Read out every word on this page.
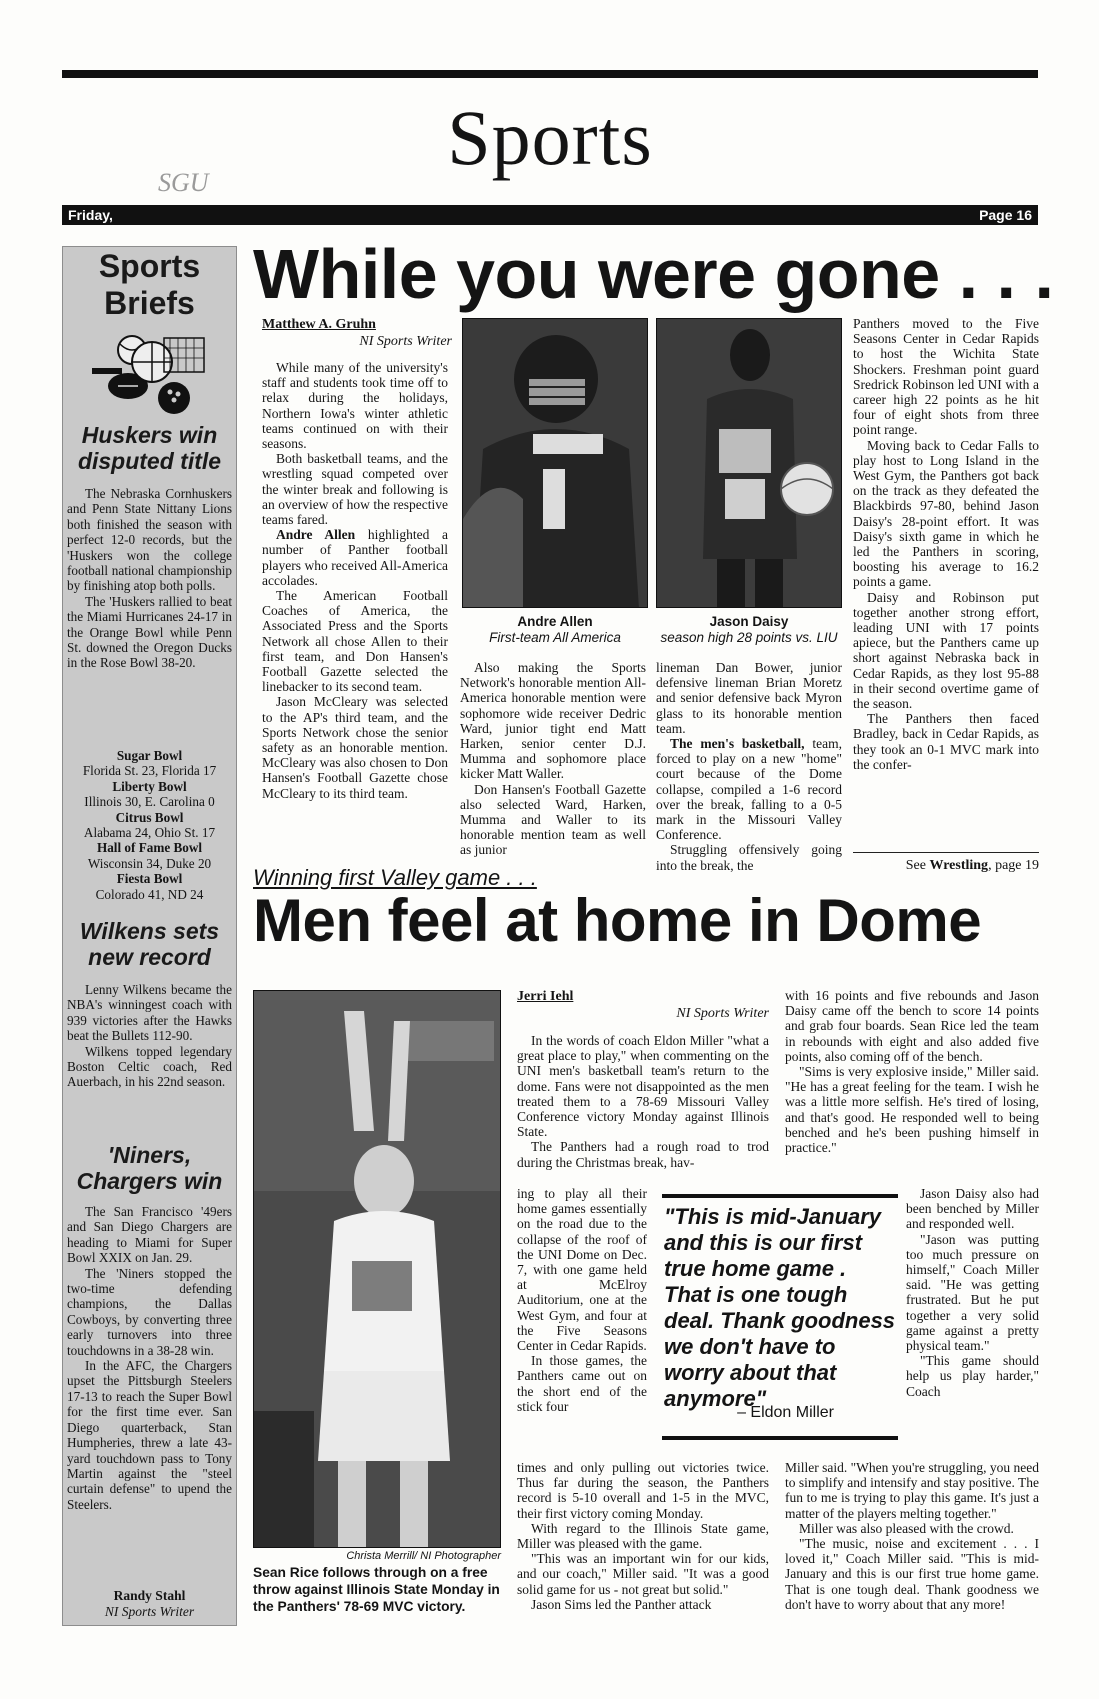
Sports
SGU
Friday,	Page 16
Sports
Briefs
Huskers win
disputed title

The Nebraska Cornhuskers and Penn State Nittany Lions both finished the season with perfect 12-0 records, but the 'Huskers won the college football national championship by finishing atop both polls.

The 'Huskers rallied to beat the Miami Hurricanes 24-17 in the Orange Bowl while Penn St. downed the Oregon Ducks in the Rose Bowl 38-20.

Sugar Bowl
Florida St. 23, Florida 17
Liberty Bowl
Illinois 30, E. Carolina 0
Citrus Bowl
Alabama 24, Ohio St. 17
Hall of Fame Bowl
Wisconsin 34, Duke 20
Fiesta Bowl
Colorado 41, ND 24
Wilkens sets
new record

Lenny Wilkens became the NBA's winningest coach with 939 victories after the Hawks beat the Bullets 112-90.

Wilkens topped legendary Boston Celtic coach, Red Auerbach, in his 22nd season.

'Niners,
Chargers win

The San Francisco '49ers and San Diego Chargers are heading to Miami for Super Bowl XXIX on Jan. 29.

The 'Niners stopped the two-time defending champions, the Dallas Cowboys, by converting three early turnovers into three touchdowns in a 38-28 win.

In the AFC, the Chargers upset the Pittsburgh Steelers 17-13 to reach the Super Bowl for the first time ever. San Diego quarterback, Stan Humpheries, threw a late 43-yard touchdown pass to Tony Martin against the "steel curtain defense" to upend the Steelers.

Randy Stahl
NI Sports Writer
While you were gone . . .
Matthew A. Gruhn
NI Sports Writer

While many of the university's staff and students took time off to relax during the holidays, Northern Iowa's winter athletic teams continued on with their seasons.

Both basketball teams, and the wrestling squad competed over the winter break and following is an overview of how the respective teams fared.

Andre Allen highlighted a number of Panther football players who received All-America accolades.

The American Football Coaches of America, the Associated Press and the Sports Network all chose Allen to their first team, and Don Hansen's Football Gazette selected the linebacker to its second team.

Jason McCleary was selected to the AP's third team, and the Sports Network chose the senior safety as an honorable mention. McCleary was also chosen to Don Hansen's Football Gazette chose McCleary to its third team.

Andre Allen
First-team All America
Jason Daisy
season high 28 points vs. LIU

Also making the Sports Network's honorable mention All-America honorable mention were sophomore wide receiver Dedric Ward, junior tight end Matt Harken, senior center D.J. Mumma and sophomore place kicker Matt Waller.

Don Hansen's Football Gazette also selected Ward, Harken, Mumma and Waller to its honorable mention team as well as junior

lineman Dan Bower, junior defensive lineman Brian Moretz and senior defensive back Myron glass to its honorable mention team.

The men's basketball, team, forced to play on a new "home" court because of the Dome collapse, compiled a 1-6 record over the break, falling to a 0-5 mark in the Missouri Valley Conference.

Struggling offensively going into the break, the

Panthers moved to the Five Seasons Center in Cedar Rapids to host the Wichita State Shockers. Freshman point guard Sredrick Robinson led UNI with a career high 22 points as he hit four of eight shots from three point range.

Moving back to Cedar Falls to play host to Long Island in the West Gym, the Panthers got back on the track as they defeated the Blackbirds 97-80, behind Jason Daisy's 28-point effort. It was Daisy's sixth game in which he led the Panthers in scoring, boosting his average to 16.2 points a game.

Daisy and Robinson put together another strong effort, leading UNI with 17 points apiece, but the Panthers came up short against Nebraska back in Cedar Rapids, as they lost 95-88 in their second overtime game of the season.

The Panthers then faced Bradley, back in Cedar Rapids, as they took an 0-1 MVC mark into the confer-

See Wrestling, page 19
Winning first Valley game . . .
Men feel at home in Dome
Christa Merrill/ NI Photographer
Sean Rice follows through on a free throw against Illinois State Monday in the Panthers' 78-69 MVC victory.
Jerri Iehl
NI Sports Writer

In the words of coach Eldon Miller "what a great place to play," when commenting on the UNI men's basketball team's return to the dome. Fans were not disappointed as the men treated them to a 78-69 Missouri Valley Conference victory Monday against Illinois State.

The Panthers had a rough road to trod during the Christmas break, hav-

ing to play all their home games essentially on the road due to the collapse of the roof of the UNI Dome on Dec. 7, with one game held at McElroy Auditorium, one at the West Gym, and four at the Five Seasons Center in Cedar Rapids.

In those games, the Panthers came out on the short end of the stick four

times and only pulling out victories twice. Thus far during the season, the Panthers record is 5-10 overall and 1-5 in the MVC, their first victory coming Monday.

With regard to the Illinois State game, Miller was pleased with the game.

"This was an important win for our kids, and our coach," Miller said. "It was a good solid game for us - not great but solid."

Jason Sims led the Panther attack

with 16 points and five rebounds and Jason Daisy came off the bench to score 14 points and grab four boards. Sean Rice led the team in rebounds with eight and also added five points, also coming off of the bench.

"Sims is very explosive inside," Miller said. "He has a great feeling for the team. I wish he was a little more selfish. He's tired of losing, and that's good. He responded well to being benched and he's been pushing himself in practice."

Jason Daisy also had been benched by Miller and responded well.

"Jason was putting too much pressure on himself," Coach Miller said. "He was getting frustrated. But he put together a very solid game against a pretty physical team."

"This game should help us play harder," Coach

Miller said. "When you're struggling, you need to simplify and intensify and stay positive. The fun to me is trying to play this game. It's just a matter of the players melting together."

Miller was also pleased with the crowd.

"The music, noise and excitement . . . I loved it," Coach Miller said. "This is mid-January and this is our first true home game. That is one tough deal. Thank goodness we don't have to worry about that any more!

"This is mid-January and this is our first true home game . That is one tough deal. Thank goodness we don't have to worry about that anymore"
– Eldon Miller
